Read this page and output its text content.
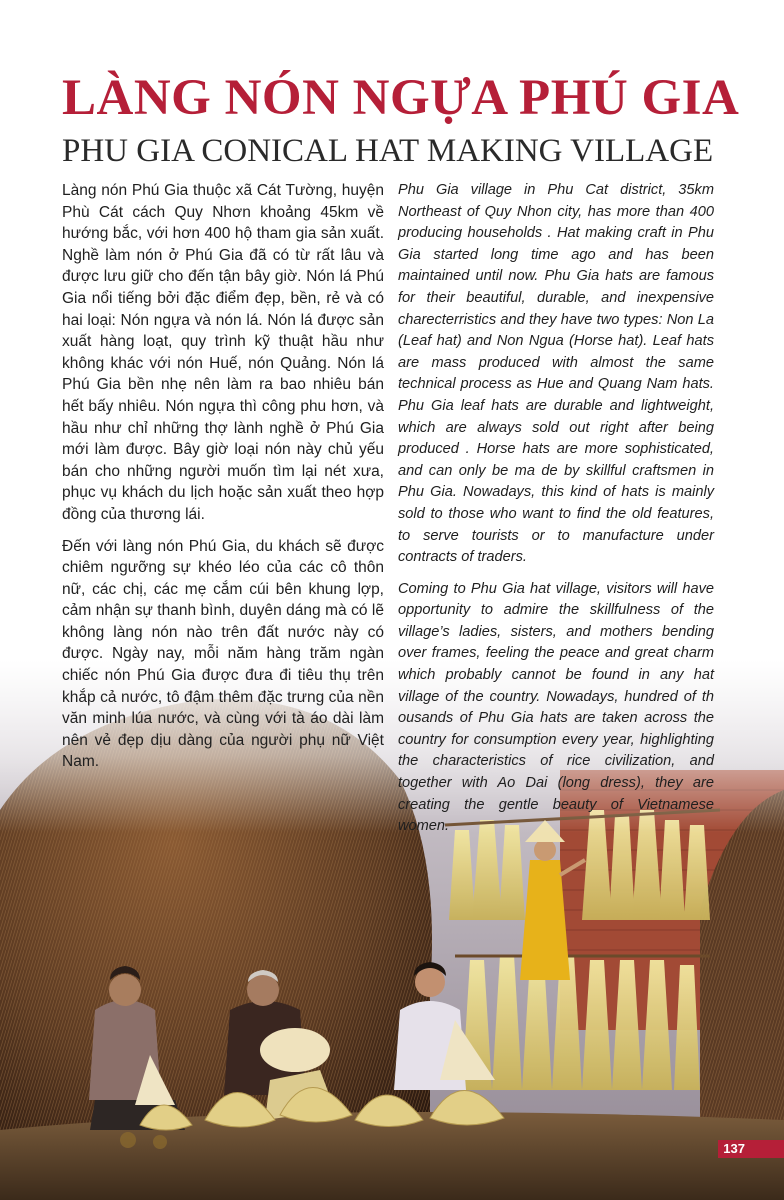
LÀNG NÓN NGỰA PHÚ GIA
PHU GIA CONICAL HAT MAKING VILLAGE

Làng nón Phú Gia thuộc xã Cát Tường, huyện Phù Cát cách Quy Nhơn khoảng 45km về hướng bắc, với hơn 400 hộ tham gia sản xuất. Nghề làm nón ở Phú Gia đã có từ rất lâu và được lưu giữ cho đến tận bây giờ. Nón lá Phú Gia nổi tiếng bởi đặc điểm đẹp, bền, rẻ và có hai loại: Nón ngựa và nón lá. Nón lá được sản xuất hàng loạt, quy trình kỹ thuật hầu như không khác với nón Huế, nón Quảng. Nón lá Phú Gia bền nhẹ nên làm ra bao nhiêu bán hết bấy nhiêu. Nón ngựa thì công phu hơn, và hầu như chỉ những thợ lành nghề ở Phú Gia mới làm được. Bây giờ loại nón này chủ yếu bán cho những người muốn tìm lại nét xưa, phục vụ khách du lịch hoặc sản xuất theo hợp đồng của thương lái.

Đến với làng nón Phú Gia, du khách sẽ được chiêm ngưỡng sự khéo léo của các cô thôn nữ, các chị, các mẹ cắm cúi bên khung lợp, cảm nhận sự thanh bình, duyên dáng mà có lẽ không làng nón nào trên đất nước này có được. Ngày nay, mỗi năm hàng trăm ngàn chiếc nón Phú Gia được đưa đi tiêu thụ trên khắp cả nước, tô đậm thêm đặc trưng của nền văn minh lúa nước, và cùng với tà áo dài làm nên vẻ đẹp dịu dàng của người phụ nữ Việt Nam.

Phu Gia village in Phu Cat district, 35km Northeast of Quy Nhon city, has more than 400 producing households . Hat making craft in Phu Gia started long time ago and has been maintained until now. Phu Gia hats are famous for their beautiful, durable, and inexpensive charecterristics and they have two types: Non La (Leaf hat) and Non Ngua (Horse hat). Leaf hats are mass produced with almost the same technical process as Hue and Quang Nam hats. Phu Gia leaf hats are durable and lightweight, which are always sold out right after being produced . Horse hats are more sophisticated, and can only be ma de by skillful craftsmen in Phu Gia. Nowadays, this kind of hats is mainly sold to those who want to find the old features, to serve tourists or to manufacture under contracts of traders.

Coming to Phu Gia hat village, visitors will have opportunity to admire the skillfulness of the village’s ladies, sisters, and mothers bending over frames, feeling the peace and great charm which probably cannot be found in any hat village of the country. Nowadays, hundred of th ousands of Phu Gia hats are taken across the country for consumption every year, highlighting the characteristics of rice civilization, and together with Ao Dai (long dress), they are creating the gentle beauty of Vietnamese women.

137
